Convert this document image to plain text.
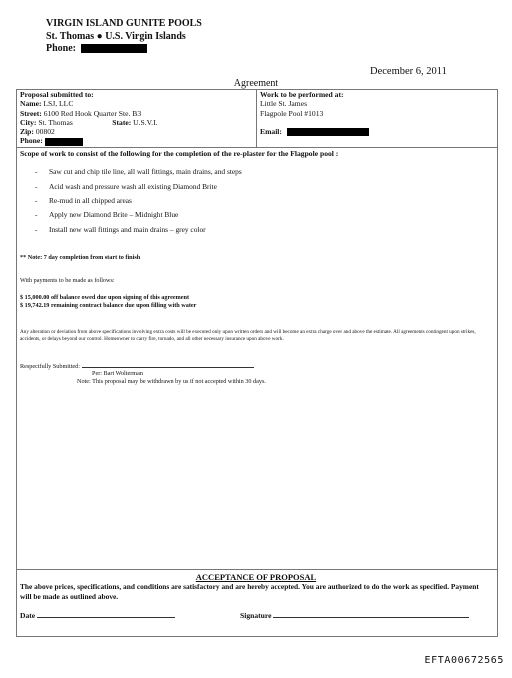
VIRGIN ISLAND GUNITE POOLS
St. Thomas ● U.S. Virgin Islands
Phone:
December 6, 2011
Agreement
Proposal submitted to:
Name: LSJ, LLC
Street: 6100 Red Hook Quarter Ste. B3
City: St. Thomas	State: U.S.V.I.
Zip: 00802
Phone:
Work to be performed at:
Little St. James
Flagpole Pool #1013
Email:
Scope of work to consist of the following for the completion of the re-plaster for the Flagpole pool :
- Saw cut and chip tile line, all wall fittings, main drains, and steps
- Acid wash and pressure wash all existing Diamond Brite
- Re-mud in all chipped areas
- Apply new Diamond Brite – Midnight Blue
- Install new wall fittings and main drains – grey color
** Note: 7 day completion from start to finish
With payments to be made as follows:
$ 15,000.00 off balance owed due upon signing of this agreement
$ 19,742.19 remaining contract balance due upon filling with water
Any alteration or deviation from above specifications involving extra costs will be executed only upon written orders and will become an extra charge over and above the estimate. All agreements contingent upon strikes, accidents, or delays beyond our control. Homeowner to carry fire, tornado, and all other necessary insurance upon above work.
Respectfully Submitted:
Per: Bart Wolterman
Note: This proposal may be withdrawn by us if not accepted within 30 days.
ACCEPTANCE OF PROPOSAL
The above prices, specifications, and conditions are satisfactory and are hereby accepted. You are authorized to do the work as specified. Payment will be made as outlined above.
Date	Signature
EFTA00672565
